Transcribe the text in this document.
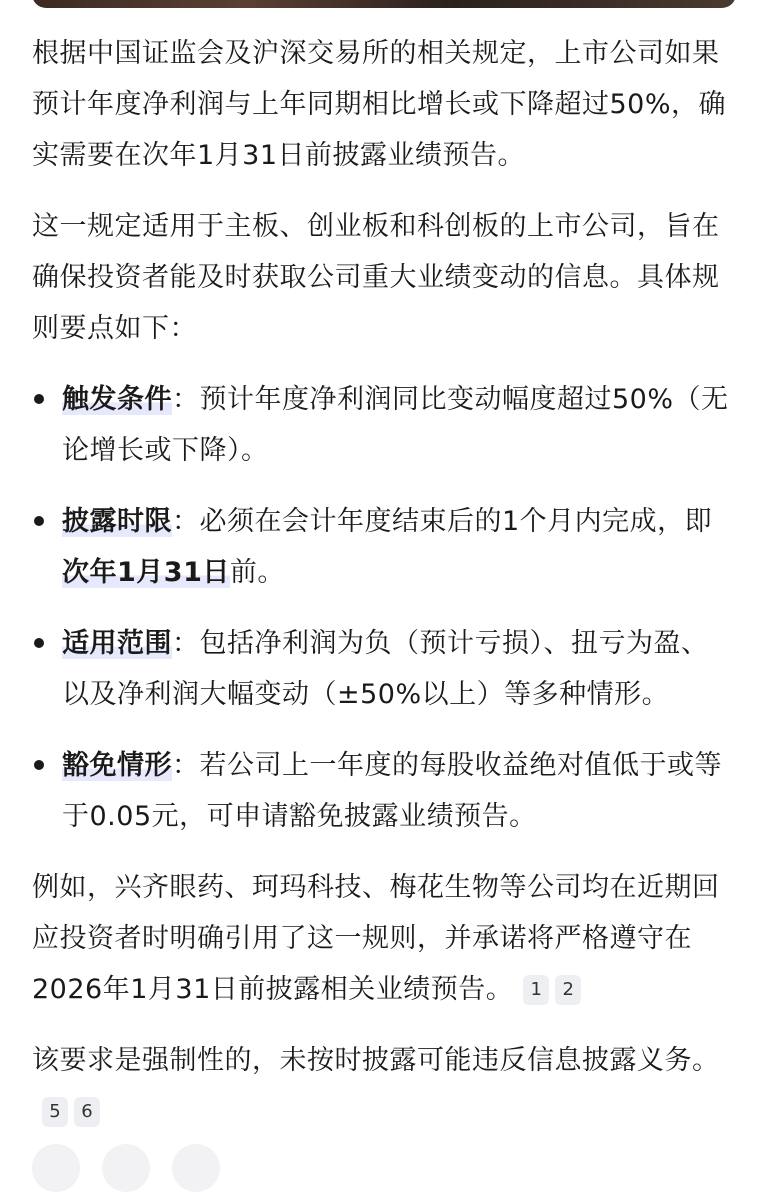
根据中国证监会及沪深交易所的相关规定，上市公司如果预计年度净利润与上年同期相比增长或下降超过50%，确实需要在次年1月31日前披露业绩预告。

这一规定适用于主板、创业板和科创板的上市公司，旨在确保投资者能及时获取公司重大业绩变动的信息。具体规则要点如下：

触发条件：预计年度净利润同比变动幅度超过50%（无论增长或下降）。
披露时限：必须在会计年度结束后的1个月内完成，即次年1月31日前。
适用范围：包括净利润为负（预计亏损）、扭亏为盈、以及净利润大幅变动（±50%以上）等多种情形。
豁免情形：若公司上一年度的每股收益绝对值低于或等于0.05元，可申请豁免披露业绩预告。

例如，兴齐眼药、珂玛科技、梅花生物等公司均在近期回应投资者时明确引用了这一规则，并承诺将严格遵守在2026年1月31日前披露相关业绩预告。 1 2

该要求是强制性的，未按时披露可能违反信息披露义务。5 6
